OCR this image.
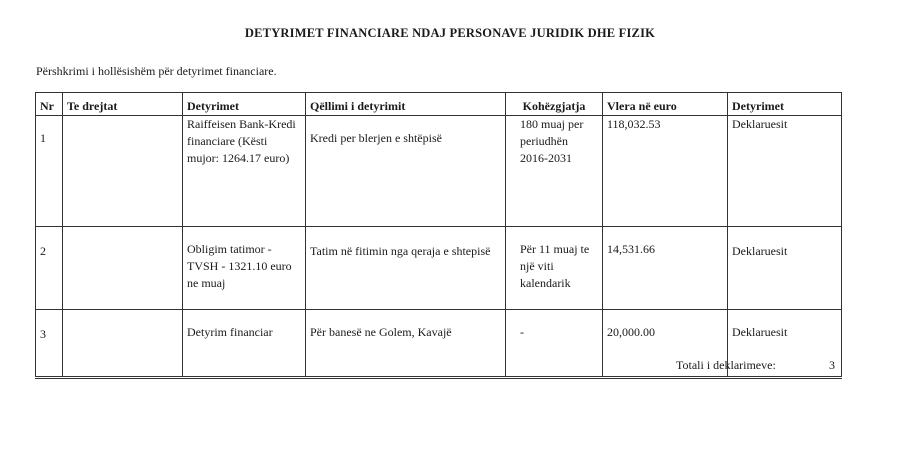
DETYRIMET FINANCIARE NDAJ PERSONAVE JURIDIK DHE FIZIK
Përshkrimi i hollësishëm për detyrimet financiare.
Nr	Te drejtat	Detyrimet	Qëllimi i detyrimit	Kohëzgjatja	Vlera në euro	Detyrimet
1		Raiffeisen Bank-Kredi financiare (Kësti mujor: 1264.17 euro)	Kredi per blerjen e shtëpisë	180 muaj per periudhën 2016-2031	118,032.53	Deklaruesit
2		Obligim tatimor - TVSH - 1321.10 euro ne muaj	Tatim në fitimin nga qeraja e shtepisë	Për 11 muaj te një viti kalendarik	14,531.66	Deklaruesit
3		Detyrim financiar	Për banesë ne Golem, Kavajë	-	20,000.00	Deklaruesit
Totali i deklarimeve:	3
